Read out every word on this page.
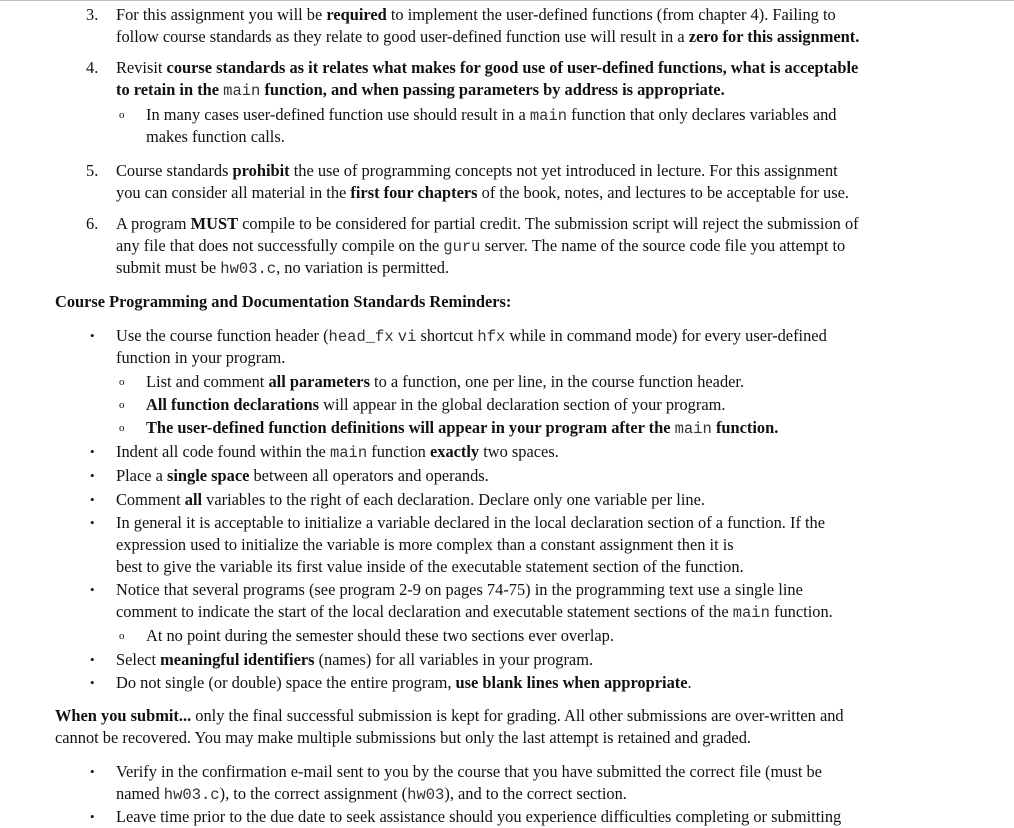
3.	For this assignment you will be required to implement the user-defined functions (from chapter 4). Failing to
follow course standards as they relate to good user-defined function use will result in a zero for this assignment.
4.	Revisit course standards as it relates what makes for good use of user-defined functions, what is acceptable
to retain in the main function, and when passing parameters by address is appropriate.
o In many cases user-defined function use should result in a main function that only declares variables and
makes function calls.
5.	Course standards prohibit the use of programming concepts not yet introduced in lecture. For this assignment
you can consider all material in the first four chapters of the book, notes, and lectures to be acceptable for use.
6.	A program MUST compile to be considered for partial credit. The submission script will reject the submission of
any file that does not successfully compile on the guru server. The name of the source code file you attempt to
submit must be hw03.c, no variation is permitted.
Course Programming and Documentation Standards Reminders:
• Use the course function header (head_fx vi shortcut hfx while in command mode) for every user-defined
function in your program.
o List and comment all parameters to a function, one per line, in the course function header.
o All function declarations will appear in the global declaration section of your program.
o The user-defined function definitions will appear in your program after the main function.
• Indent all code found within the main function exactly two spaces.
• Place a single space between all operators and operands.
• Comment all variables to the right of each declaration. Declare only one variable per line.
• In general it is acceptable to initialize a variable declared in the local declaration section of a function. If the
expression used to initialize the variable is more complex than a constant assignment then it is
best to give the variable its first value inside of the executable statement section of the function.
• Notice that several programs (see program 2-9 on pages 74-75) in the programming text use a single line
comment to indicate the start of the local declaration and executable statement sections of the main function.
o At no point during the semester should these two sections ever overlap.
• Select meaningful identifiers (names) for all variables in your program.
• Do not single (or double) space the entire program, use blank lines when appropriate.
When you submit... only the final successful submission is kept for grading. All other submissions are over-written and
cannot be recovered. You may make multiple submissions but only the last attempt is retained and graded.
• Verify in the confirmation e-mail sent to you by the course that you have submitted the correct file (must be
named hw03.c), to the correct assignment (hw03), and to the correct section.
• Leave time prior to the due date to seek assistance should you experience difficulties completing or submitting
